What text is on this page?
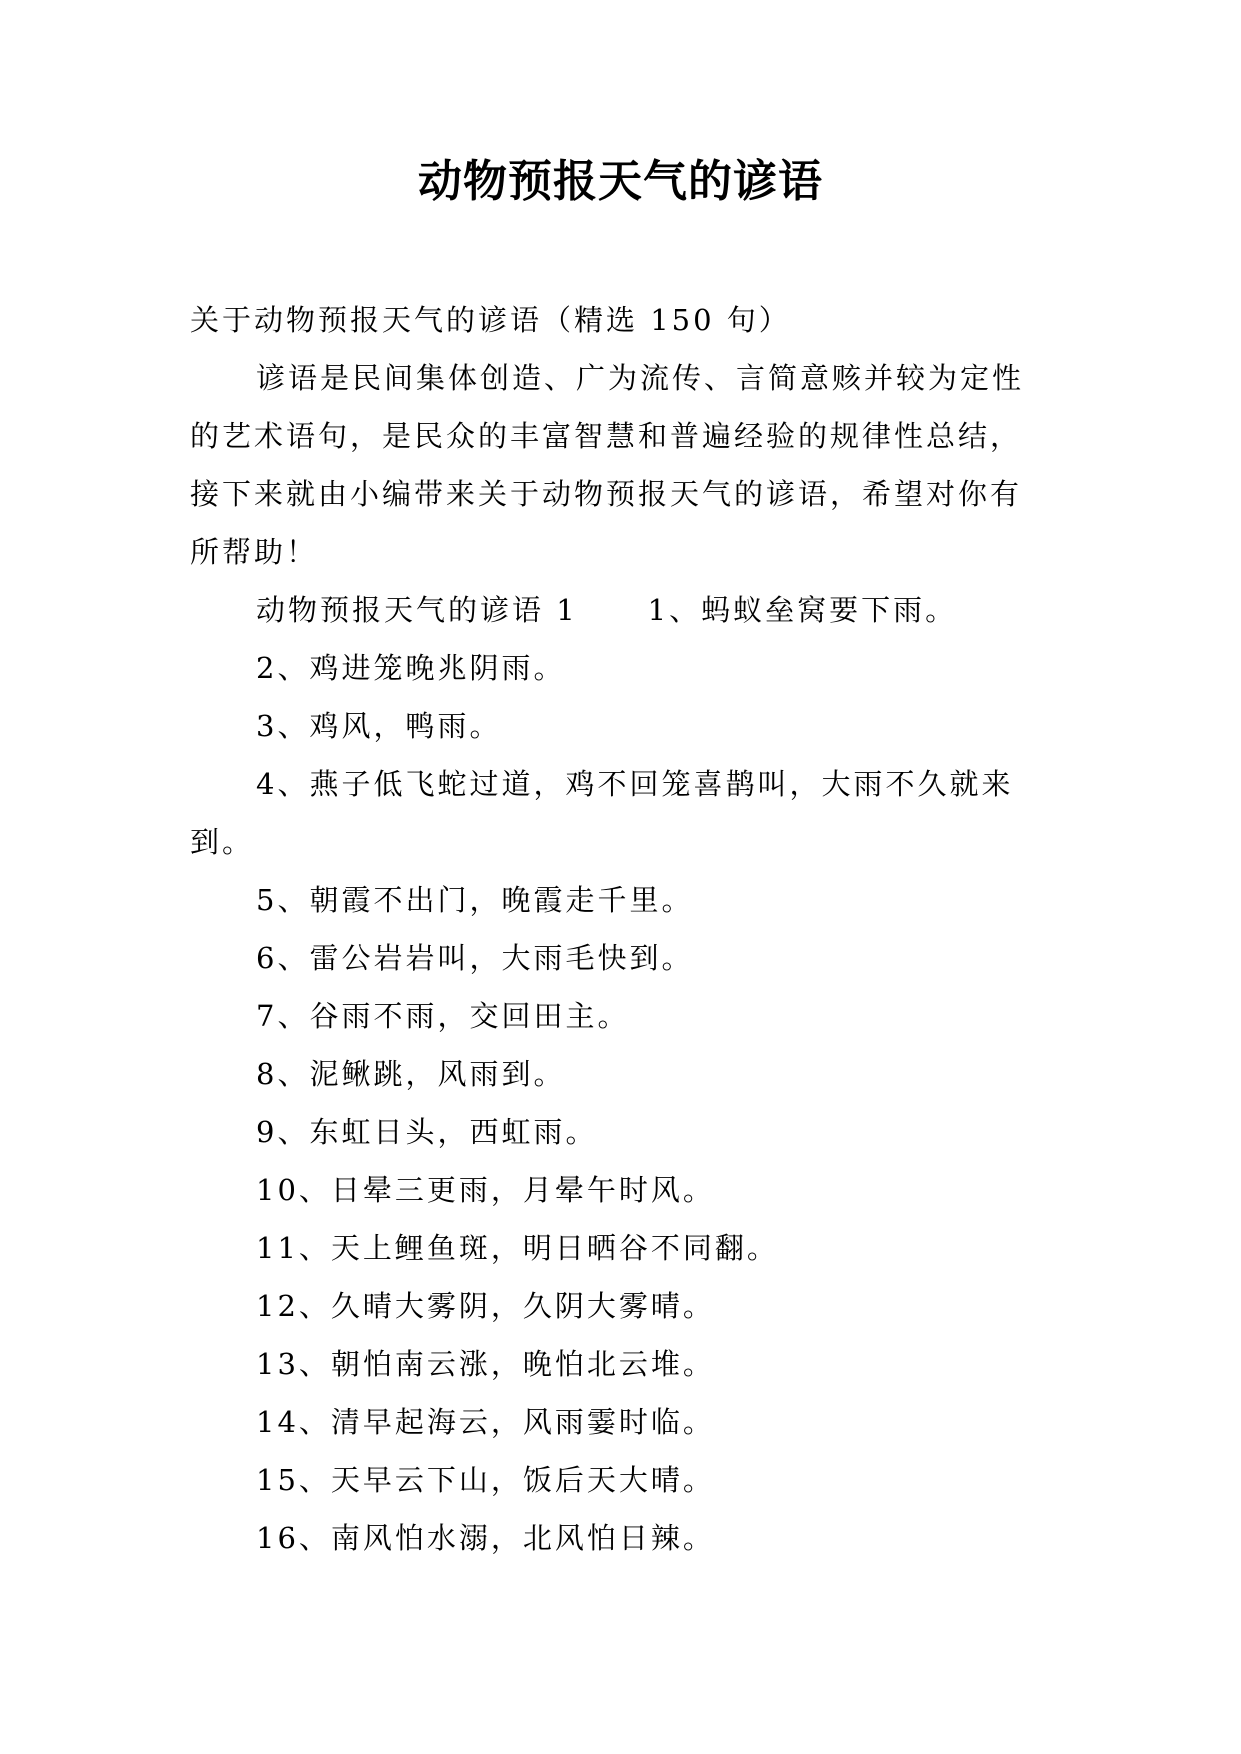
动物预报天气的谚语
关于动物预报天气的谚语（精选 150 句）
谚语是民间集体创造、广为流传、言简意赅并较为定性
的艺术语句，是民众的丰富智慧和普遍经验的规律性总结，
接下来就由小编带来关于动物预报天气的谚语，希望对你有
所帮助！
动物预报天气的谚语 1 1、蚂蚁垒窝要下雨。
2、鸡进笼晚兆阴雨。
3、鸡风，鸭雨。
4、燕子低飞蛇过道，鸡不回笼喜鹊叫，大雨不久就来
到。
5、朝霞不出门，晚霞走千里。
6、雷公岩岩叫，大雨毛快到。
7、谷雨不雨，交回田主。
8、泥鳅跳，风雨到。
9、东虹日头，西虹雨。
10、日晕三更雨，月晕午时风。
11、天上鲤鱼斑，明日晒谷不同翻。
12、久晴大雾阴，久阴大雾晴。
13、朝怕南云涨，晚怕北云堆。
14、清早起海云，风雨霎时临。
15、天早云下山，饭后天大晴。
16、南风怕水溺，北风怕日辣。
